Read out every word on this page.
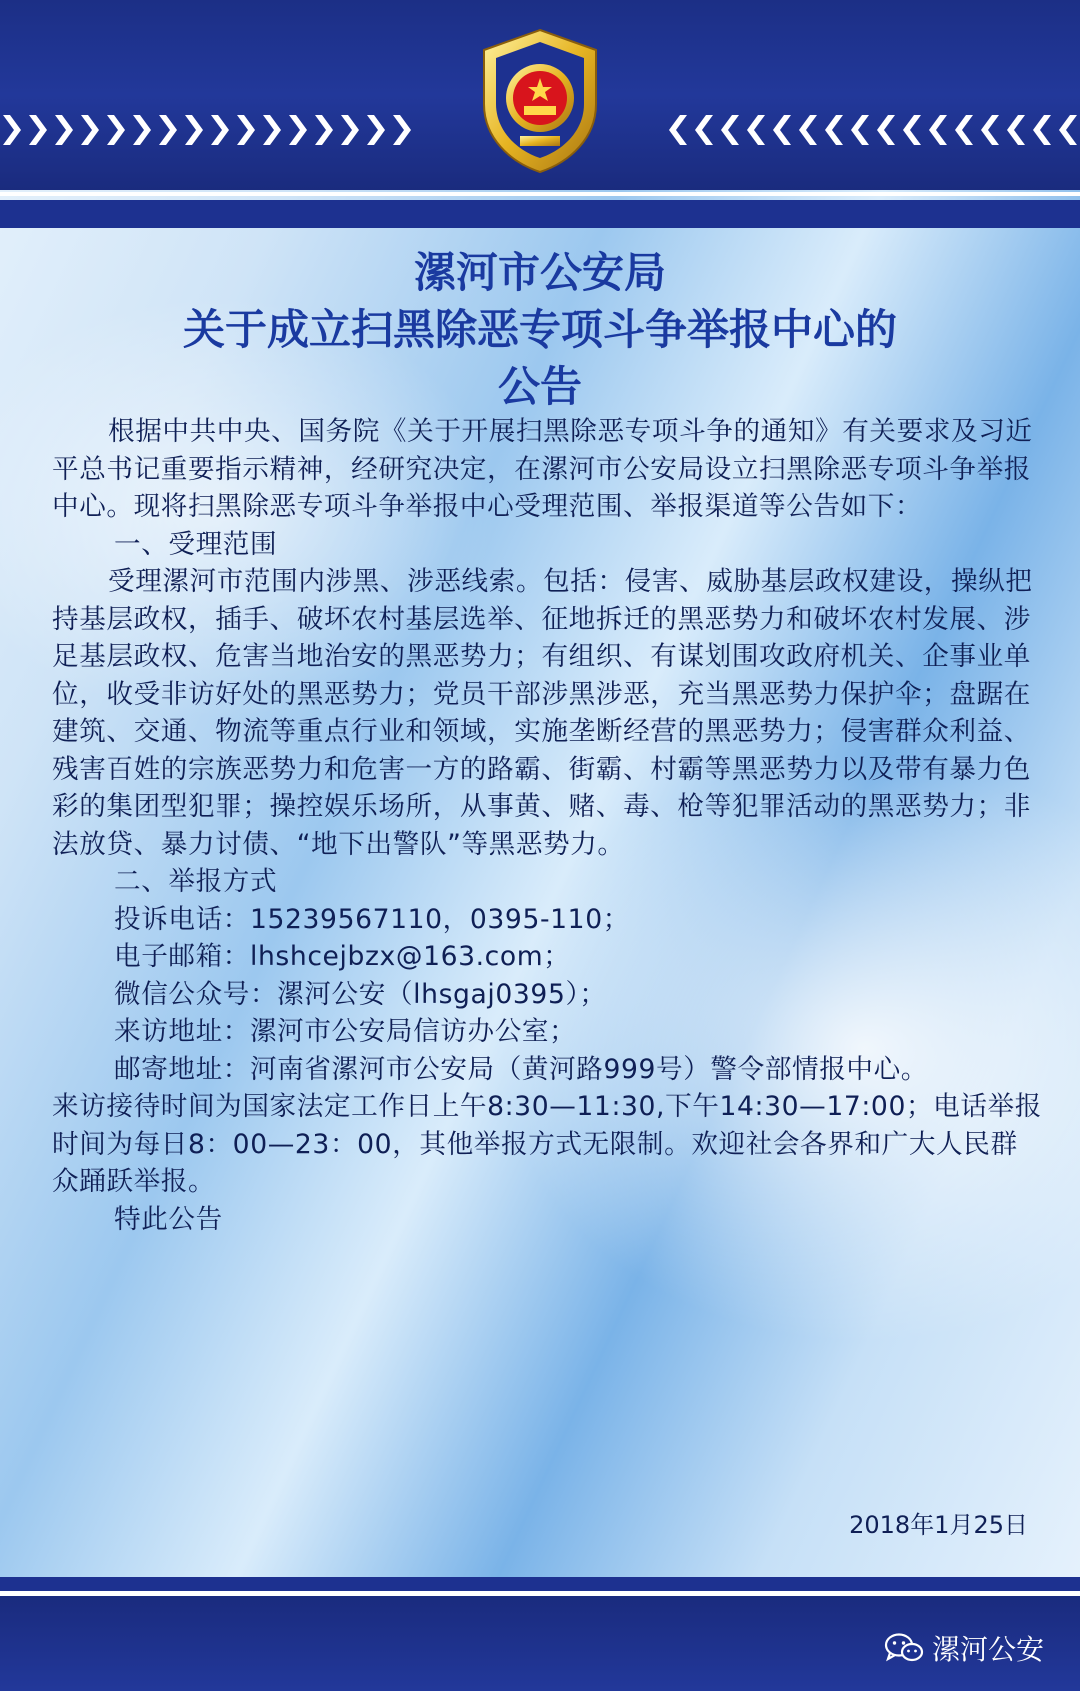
漯河市公安局
关于成立扫黑除恶专项斗争举报中心的
公告

根据中共中央、国务院《关于开展扫黑除恶专项斗争的通知》有关要求及习近平总书记重要指示精神，经研究决定，在漯河市公安局设立扫黑除恶专项斗争举报中心。现将扫黑除恶专项斗争举报中心受理范围、举报渠道等公告如下：

一、受理范围

受理漯河市范围内涉黑、涉恶线索。包括：侵害、威胁基层政权建设，操纵把持基层政权，插手、破坏农村基层选举、征地拆迁的黑恶势力和破坏农村发展、涉足基层政权、危害当地治安的黑恶势力；有组织、有谋划围攻政府机关、企事业单位，收受非访好处的黑恶势力；党员干部涉黑涉恶，充当黑恶势力保护伞；盘踞在建筑、交通、物流等重点行业和领域，实施垄断经营的黑恶势力；侵害群众利益、残害百姓的宗族恶势力和危害一方的路霸、街霸、村霸等黑恶势力以及带有暴力色彩的集团型犯罪；操控娱乐场所，从事黄、赌、毒、枪等犯罪活动的黑恶势力；非法放贷、暴力讨债、“地下出警队”等黑恶势力。

二、举报方式

投诉电话：15239567110，0395-110；

电子邮箱：lhshcejbzx@163.com；

微信公众号：漯河公安（lhsgaj0395）；

来访地址：漯河市公安局信访办公室；

邮寄地址：河南省漯河市公安局（黄河路999号）警令部情报中心。

来访接待时间为国家法定工作日上午8:30—11:30,下午14:30—17:00；电话举报时间为每日8：00—23：00，其他举报方式无限制。欢迎社会各界和广大人民群众踊跃举报。

特此公告

2018年1月25日
漯河公安
